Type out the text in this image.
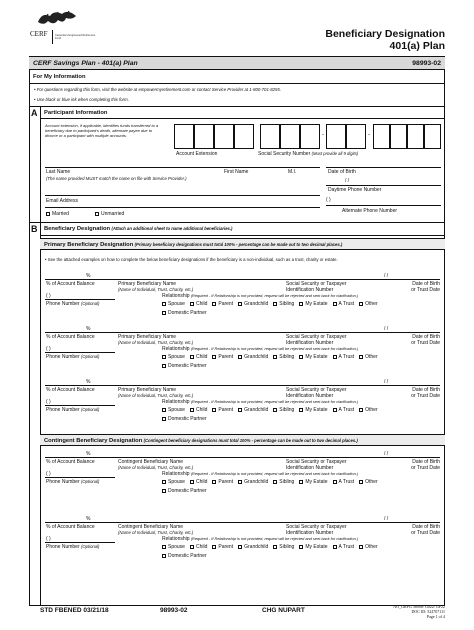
CERF	Carpenters Engineered Retirement Fund	Beneficiary Designation
401(a) Plan
CERF Savings Plan - 401(a) Plan	98993-02
For My Information
• For questions regarding this form, visit the website at empowermyretirement.com or contact Service Provider at 1-800-701-8255.
• Use black or blue ink when completing this form.
A Participant Information
Account extension, if applicable, identifies funds transferred to a beneficiary due to participant's death, alternate payee due to divorce or a participant with multiple accounts.
Account Extension
-	-
Social Security Number (Must provide all 9 digits)
Last Name	First Name	M.I.	Date of Birth
(The name provided MUST match the name on file with Service Provider.)	/ /
Daytime Phone Number
( )
Email Address
Alternate Phone Number
Married	Unmarried
B Beneficiary Designation (Attach an additional sheet to name additional beneficiaries.)
Primary Beneficiary Designation (Primary beneficiary designations must total 100% - percentage can be made out to two decimal places.)
• See the attached examples on how to complete the below beneficiary designations if the beneficiary is a non-individual, such as a trust, charity or estate.
%
% of Account Balance	Primary Beneficiary Name
(Name of Individual, Trust, Charity, etc.)
Social Security or Taxpayer
Identification Number
Date of Birth
or Trust Date
/ /
( )	Relationship (Required - If Relationship is not provided, request will be rejected and sent back for clarification.)
Phone Number (Optional)	Spouse Child Parent Grandchild Sibling My Estate A Trust Other
Domestic Partner
%
% of Account Balance	Primary Beneficiary Name
(Name of Individual, Trust, Charity, etc.)
Social Security or Taxpayer
Identification Number
Date of Birth
or Trust Date
/ /
( )	Relationship (Required - If Relationship is not provided, request will be rejected and sent back for clarification.)
Phone Number (Optional)	Spouse Child Parent Grandchild Sibling My Estate A Trust Other
Domestic Partner
%
% of Account Balance	Primary Beneficiary Name
(Name of Individual, Trust, Charity, etc.)
Social Security or Taxpayer
Identification Number
Date of Birth
or Trust Date
/ /
( )	Relationship (Required - If Relationship is not provided, request will be rejected and sent back for clarification.)
Phone Number (Optional)	Spouse Child Parent Grandchild Sibling My Estate A Trust Other
Domestic Partner
%
% of Account Balance	Contingent Beneficiary Name
(Name of Individual, Trust, Charity, etc.)
Social Security or Taxpayer
Identification Number
Date of Birth
or Trust Date
/ /
( )	Relationship (Required - If Relationship is not provided, request will be rejected and sent back for clarification.)
Phone Number (Optional)	Spouse Child Parent Grandchild Sibling My Estate A Trust Other
Domestic Partner
%
% of Account Balance	Contingent Beneficiary Name
(Name of Individual, Trust, Charity, etc.)
Social Security or Taxpayer
Identification Number
Date of Birth
or Trust Date
/ /
( )	Relationship (Required - If Relationship is not provided, request will be rejected and sent back for clarification.)
Phone Number (Optional)	Spouse Child Parent Grandchild Sibling My Estate A Trust Other
Domestic Partner
Contingent Beneficiary Designation (Contingent beneficiary designations must total 100% - percentage can be made out to two decimal places.)
STD FBENED 03/21/18	98993-02	CHG NUPART
NO_GRPG 38008/ G022/ GP22
DOC ID: 524707111
Page 1 of 4
